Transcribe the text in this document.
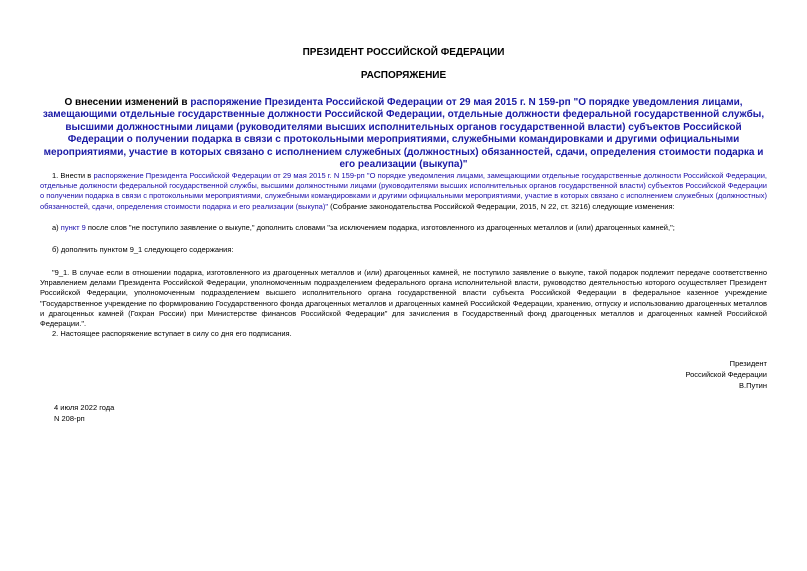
ПРЕЗИДЕНТ РОССИЙСКОЙ ФЕДЕРАЦИИ
РАСПОРЯЖЕНИЕ
О внесении изменений в распоряжение Президента Российской Федерации от 29 мая 2015 г. N 159-рп "О порядке уведомления лицами, замещающими отдельные государственные должности Российской Федерации, отдельные должности федеральной государственной службы, высшими должностными лицами (руководителями высших исполнительных органов государственной власти) субъектов Российской Федерации о получении подарка в связи с протокольными мероприятиями, служебными командировками и другими официальными мероприятиями, участие в которых связано с исполнением служебных (должностных) обязанностей, сдачи, определения стоимости подарка и его реализации (выкупа)"
1. Внести в распоряжение Президента Российской Федерации от 29 мая 2015 г. N 159-рп "О порядке уведомления лицами, замещающими отдельные государственные должности Российской Федерации, отдельные должности федеральной государственной службы, высшими должностными лицами (руководителями высших исполнительных органов государственной власти) субъектов Российской Федерации о получении подарка в связи с протокольными мероприятиями, служебными командировками и другими официальными мероприятиями, участие в которых связано с исполнением служебных (должностных) обязанностей, сдачи, определения стоимости подарка и его реализации (выкупа)" (Собрание законодательства Российской Федерации, 2015, N 22, ст. 3216) следующие изменения:
а) пункт 9 после слов "не поступило заявление о выкупе," дополнить словами "за исключением подарка, изготовленного из драгоценных металлов и (или) драгоценных камней,";
б) дополнить пунктом 9_1 следующего содержания:
"9_1. В случае если в отношении подарка, изготовленного из драгоценных металлов и (или) драгоценных камней, не поступило заявление о выкупе, такой подарок подлежит передаче соответственно Управлением делами Президента Российской Федерации, уполномоченным подразделением федерального органа исполнительной власти, руководство деятельностью которого осуществляет Президент Российской Федерации, уполномоченным подразделением высшего исполнительного органа государственной власти субъекта Российской Федерации в федеральное казенное учреждение "Государственное учреждение по формированию Государственного фонда драгоценных металлов и драгоценных камней Российской Федерации, хранению, отпуску и использованию драгоценных металлов и драгоценных камней (Гохран России) при Министерстве финансов Российской Федерации" для зачисления в Государственный фонд драгоценных металлов и драгоценных камней Российской Федерации.".
2. Настоящее распоряжение вступает в силу со дня его подписания.
Президент
Российской Федерации
В.Путин
4 июля 2022 года
N 208-рп
